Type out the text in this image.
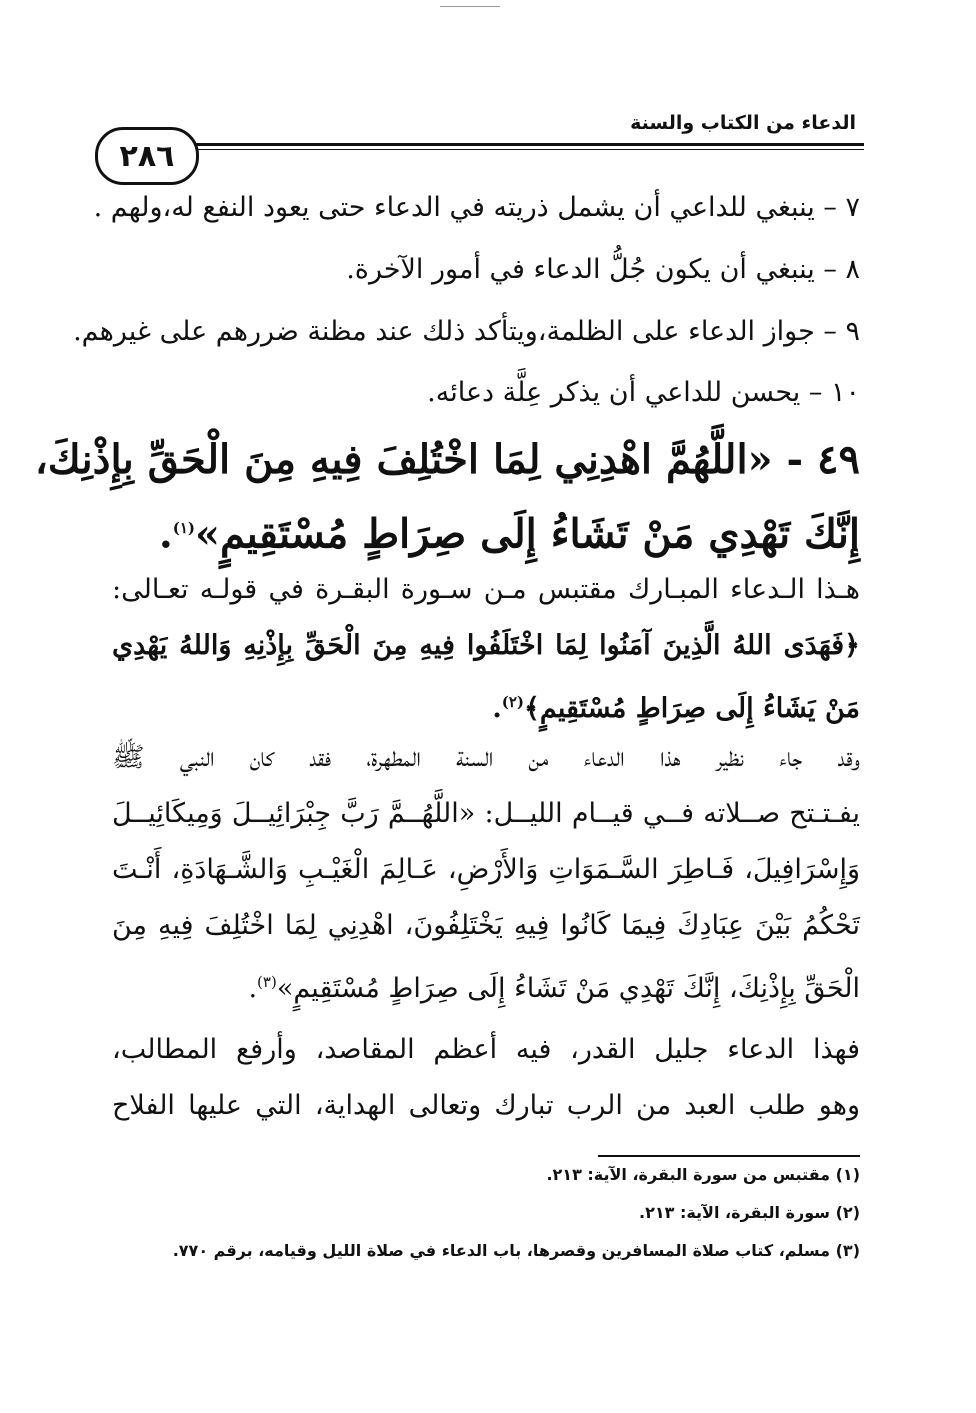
الدعاء من الكتاب والسنة
٢٨٦
٧ – ينبغي للداعي أن يشمل ذريته في الدعاء حتى يعود النفع له،ولهم .
٨ – ينبغي أن يكون جُلُّ الدعاء في أمور الآخرة.
٩ – جواز الدعاء على الظلمة،ويتأكد ذلك عند مظنة ضررهم على غيرهم.
١٠ – يحسن للداعي أن يذكر عِلَّة دعائه.
٤٩ - «اللَّهُمَّ اهْدِنِي لِمَا اخْتُلِفَ فِيهِ مِنَ الْحَقِّ بِإِذْنِكَ،
إِنَّكَ تَهْدِي مَنْ تَشَاءُ إِلَى صِرَاطٍ مُسْتَقِيمٍ»$^{(١)}$.
هـذا الـدعاء المبـارك مقتبس مـن سـورة البقـرة في قولـه تعـالى:
﴿فَهَدَى اللهُ الَّذِينَ آمَنُوا لِمَا اخْتَلَفُوا فِيهِ مِنَ الْحَقِّ بِإِذْنِهِ وَاللهُ يَهْدِي
مَنْ يَشَاءُ إِلَى صِرَاطٍ مُسْتَقِيمٍ﴾$^{(٢)}$.
وقد جاء نظير هذا الدعاء من السنة المطهرة، فقد كان النبي ﷺ
يفـتـتح صــلاته فــي قيــام الليــل: «اللَّهُــمَّ رَبَّ جِبْرَائِيــلَ وَمِيكَائِيــلَ
وَإِسْرَافِيلَ، فَـاطِرَ السَّـمَوَاتِ وَالأَرْضِ، عَـالِمَ الْغَيْـبِ وَالشَّـهَادَةِ، أَنْـتَ
تَحْكُمُ بَيْنَ عِبَادِكَ فِيمَا كَانُوا فِيهِ يَخْتَلِفُونَ، اهْدِنِي لِمَا اخْتُلِفَ فِيهِ مِنَ
الْحَقِّ بِإِذْنِكَ، إِنَّكَ تَهْدِي مَنْ تَشَاءُ إِلَى صِرَاطٍ مُسْتَقِيمٍ»$^{(٣)}$.
فهذا الدعاء جليل القدر، فيه أعظم المقاصد، وأرفع المطالب،
وهو طلب العبد من الرب تبارك وتعالى الهداية، التي عليها الفلاح
(١) مقتبس من سورة البقرة، الآية: ٢١٣.
(٢) سورة البقرة، الآية: ٢١٣.
(٣) مسلم، كتاب صلاة المسافرين وقصرها، باب الدعاء في صلاة الليل وقيامه، برقم ٧٧٠.
